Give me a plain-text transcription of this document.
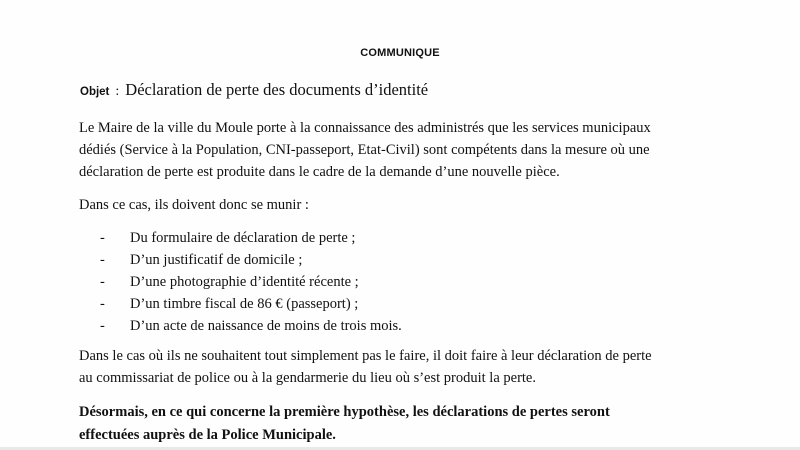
COMMUNIQUE
Objet : Déclaration de perte des documents d’identité
Le Maire de la ville du Moule porte à la connaissance des administrés que les services municipaux
dédiés (Service à la Population, CNI-passeport, Etat-Civil) sont compétents dans la mesure où une
déclaration de perte est produite dans le cadre de la demande d’une nouvelle pièce.
Dans ce cas, ils doivent donc se munir :
- Du formulaire de déclaration de perte ;
- D’un justificatif de domicile ;
- D’une photographie d’identité récente ;
- D’un timbre fiscal de 86 € (passeport) ;
- D’un acte de naissance de moins de trois mois.
Dans le cas où ils ne souhaitent tout simplement pas le faire, il doit faire à leur déclaration de perte
au commissariat de police ou à la gendarmerie du lieu où s’est produit la perte.
Désormais, en ce qui concerne la première hypothèse, les déclarations de pertes seront
effectuées auprès de la Police Municipale.
